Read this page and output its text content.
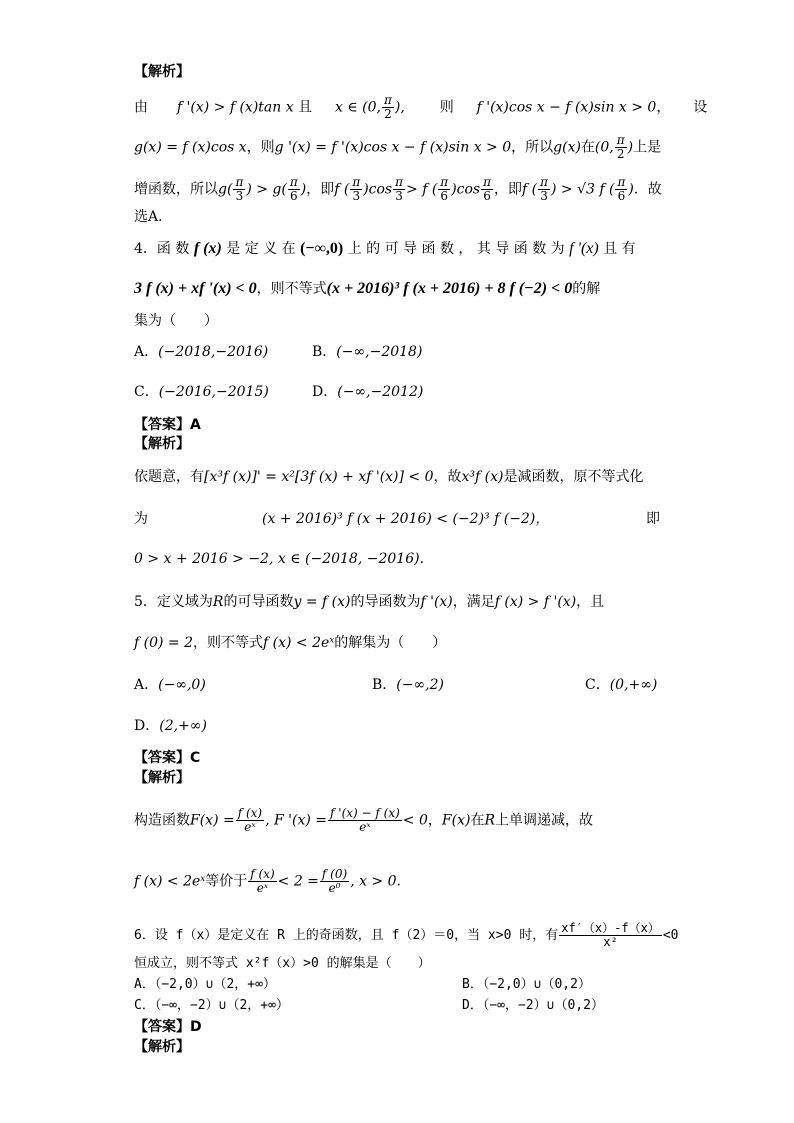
【解析】
由 f '(x) > f (x)tan x 且 x ∈ (0, $\frac{\pi}{2}$ ), 则 f '(x)cos x − f (x)sin x > 0， 设
g(x) = f (x)cos x，则g '(x) = f '(x)cos x − f (x)sin x > 0，所以g(x)在(0, $\frac{\pi}{2}$ )上是
增函数，所以$g( \frac{\pi}{3}$ ) > $g( \frac{\pi}{6}$ )，即f ( $\frac{\pi}{3} )\cos \frac{\pi}{3} > f$ ( $\frac{\pi}{6} )\cos \frac{\pi}{6}$ ，即f ( $\frac{\pi}{3}$ ) > √3 f ( $\frac{\pi}{6}$ )．故
选A．
4．函 数 f (x) 是 定 义 在 (−∞,0) 上 的 可 导 函 数 ， 其 导 函 数 为 f '(x) 且 有
3 f (x) + xf '(x) < 0，则不等式(x + 2016)³ f (x + 2016) + 8 f (−2) < 0的解
集为（　　）
A．(−2018,−2016)	B．(−∞,−2018)
C．(−2016,−2015)	D．(−∞,−2012)
【答案】A
【解析】
依题意，有[x³f (x)]' = x²[3f (x) + xf '(x)] < 0，故x³f (x)是减函数，原不等式化
为	(x + 2016)³ f (x + 2016) < (−2)³ f (−2)，	即
0 > x + 2016 > −2, x ∈ (−2018, −2016).
5．定义域为R的可导函数y = f (x)的导函数为f '(x)，满足f (x) > f '(x)，且
f (0) = 2，则不等式f (x) < 2eˣ的解集为（　　）
A．(−∞,0)	B．(−∞,2)	C．(0,+∞)
D．(2,+∞)
【答案】C
【解析】
构造函数$F(x) = \frac{f (x)}{\text{eˣ}}$ , F '$(x) = \frac{f '(x) - f (x)}{\text{eˣ}} < 0$，F(x)在R上单调递减，故
f (x) < 2eˣ等价于 $\frac{f (x)}{\text{eˣ}} < 2 = \frac{f (0)}{\text{e⁰}}$ , x > 0.
6．设 f（x）是定义在 R 上的奇函数，且 f（2）＝0，当 x>0 时，有 $\frac{xf'(x)-f(x)}{\text{x²}} <0$
恒成立，则不等式 x²f（x）>0 的解集是（　　）
A．（−2,0）∪（2，+∞）	B．（−2,0）∪（0,2）
C．（−∞，−2）∪（2，+∞）	D．（−∞，−2）∪（0,2）
【答案】D
【解析】
